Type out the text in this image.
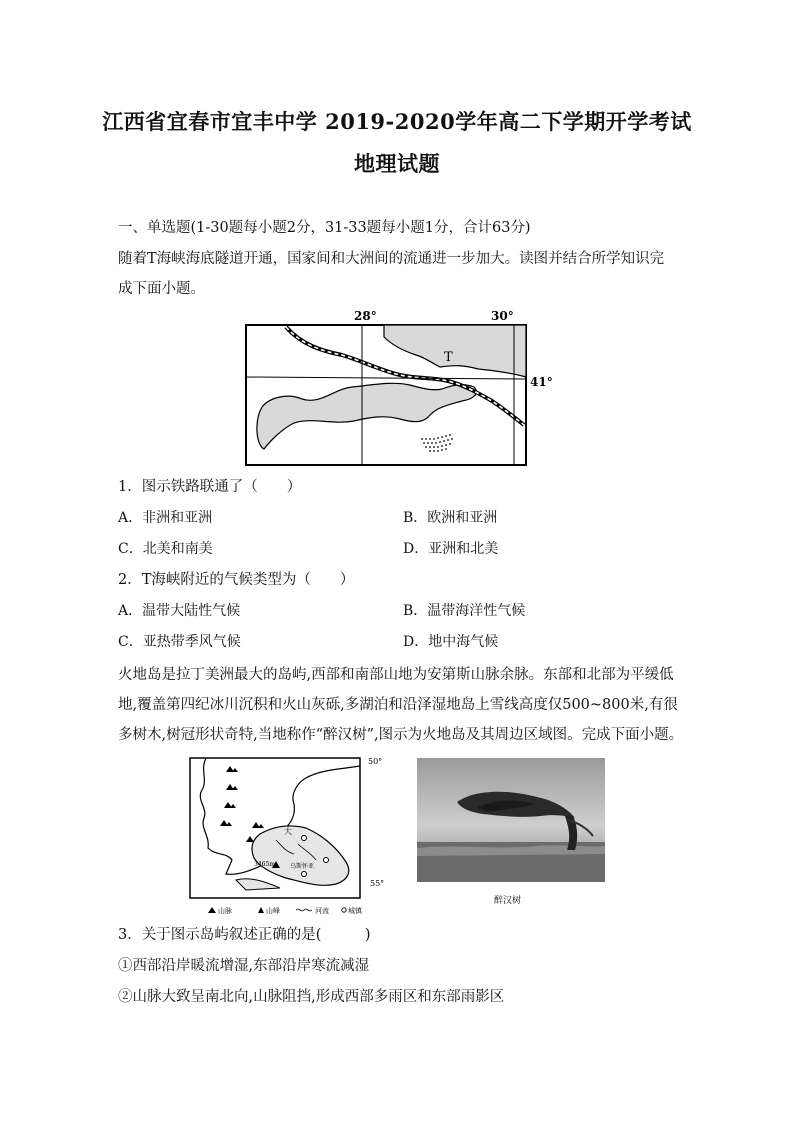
江西省宜春市宜丰中学 2019-2020学年高二下学期开学考试
地理试题
一、单选题(1-30题每小题2分，31-33题每小题1分，合计63分)
随着T海峡海底隧道开通，国家间和大洲间的流通进一步加大。读图并结合所学知识完成下面小题。
28°	30°
41°
T
1．图示铁路联通了（　　）
A．非洲和亚洲	B．欧洲和亚洲
C．北美和南美	D．亚洲和北美
2．T海峡附近的气候类型为（　　）
A．温带大陆性气候	B．温带海洋性气候
C．亚热带季风气候	D．地中海气候
火地岛是拉丁美洲最大的岛屿,西部和南部山地为安第斯山脉余脉。东部和北部为平缓低地,覆盖第四纪冰川沉积和火山灰砾,多湖泊和沿泽湿地岛上雪线高度仅500~800米,有很多树木,树冠形状奇特,当地称作“醉汉树”,图示为火地岛及其周边区域图。完成下面小题。
大
3465m	乌斯怀亚
50°
55°
山脉	山峰	河流	城镇
醉汉树
3．关于图示岛屿叙述正确的是(　　　)
①西部沿岸暖流增湿,东部沿岸寒流减湿
②山脉大致呈南北向,山脉阻挡,形成西部多雨区和东部雨影区
